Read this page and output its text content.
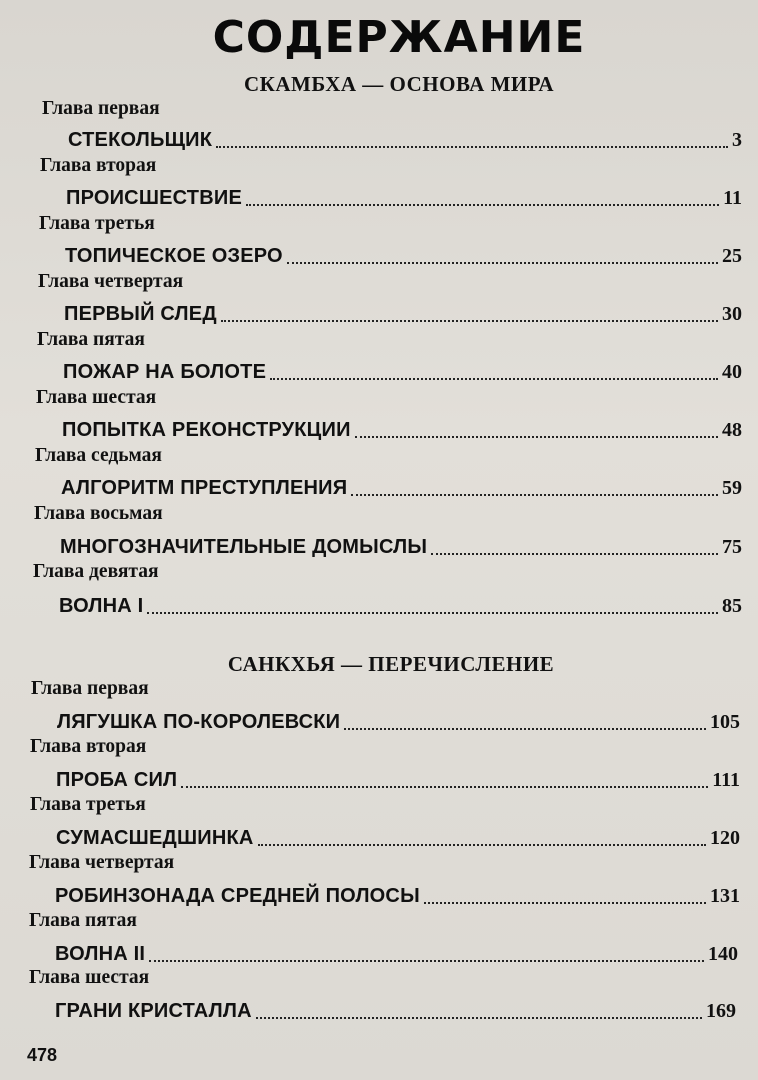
СОДЕРЖАНИЕ
СКАМБХА — ОСНОВА МИРА
Глава первая
СТЕКОЛЬЩИК	3
Глава вторая
ПРОИСШЕСТВИЕ	11
Глава третья
ТОПИЧЕСКОЕ ОЗЕРО	25
Глава четвертая
ПЕРВЫЙ СЛЕД	30
Глава пятая
ПОЖАР НА БОЛОТЕ	40
Глава шестая
ПОПЫТКА РЕКОНСТРУКЦИИ	48
Глава седьмая
АЛГОРИТМ ПРЕСТУПЛЕНИЯ	59
Глава восьмая
МНОГОЗНАЧИТЕЛЬНЫЕ ДОМЫСЛЫ	75
Глава девятая
ВОЛНА I	85
САНКХЬЯ — ПЕРЕЧИСЛЕНИЕ
Глава первая
ЛЯГУШКА ПО-КОРОЛЕВСКИ	105
Глава вторая
ПРОБА СИЛ	111
Глава третья
СУМАСШЕДШИНКА	120
Глава четвертая
РОБИНЗОНАДА СРЕДНЕЙ ПОЛОСЫ	131
Глава пятая
ВОЛНА II	140
Глава шестая
ГРАНИ КРИСТАЛЛА	169
478
